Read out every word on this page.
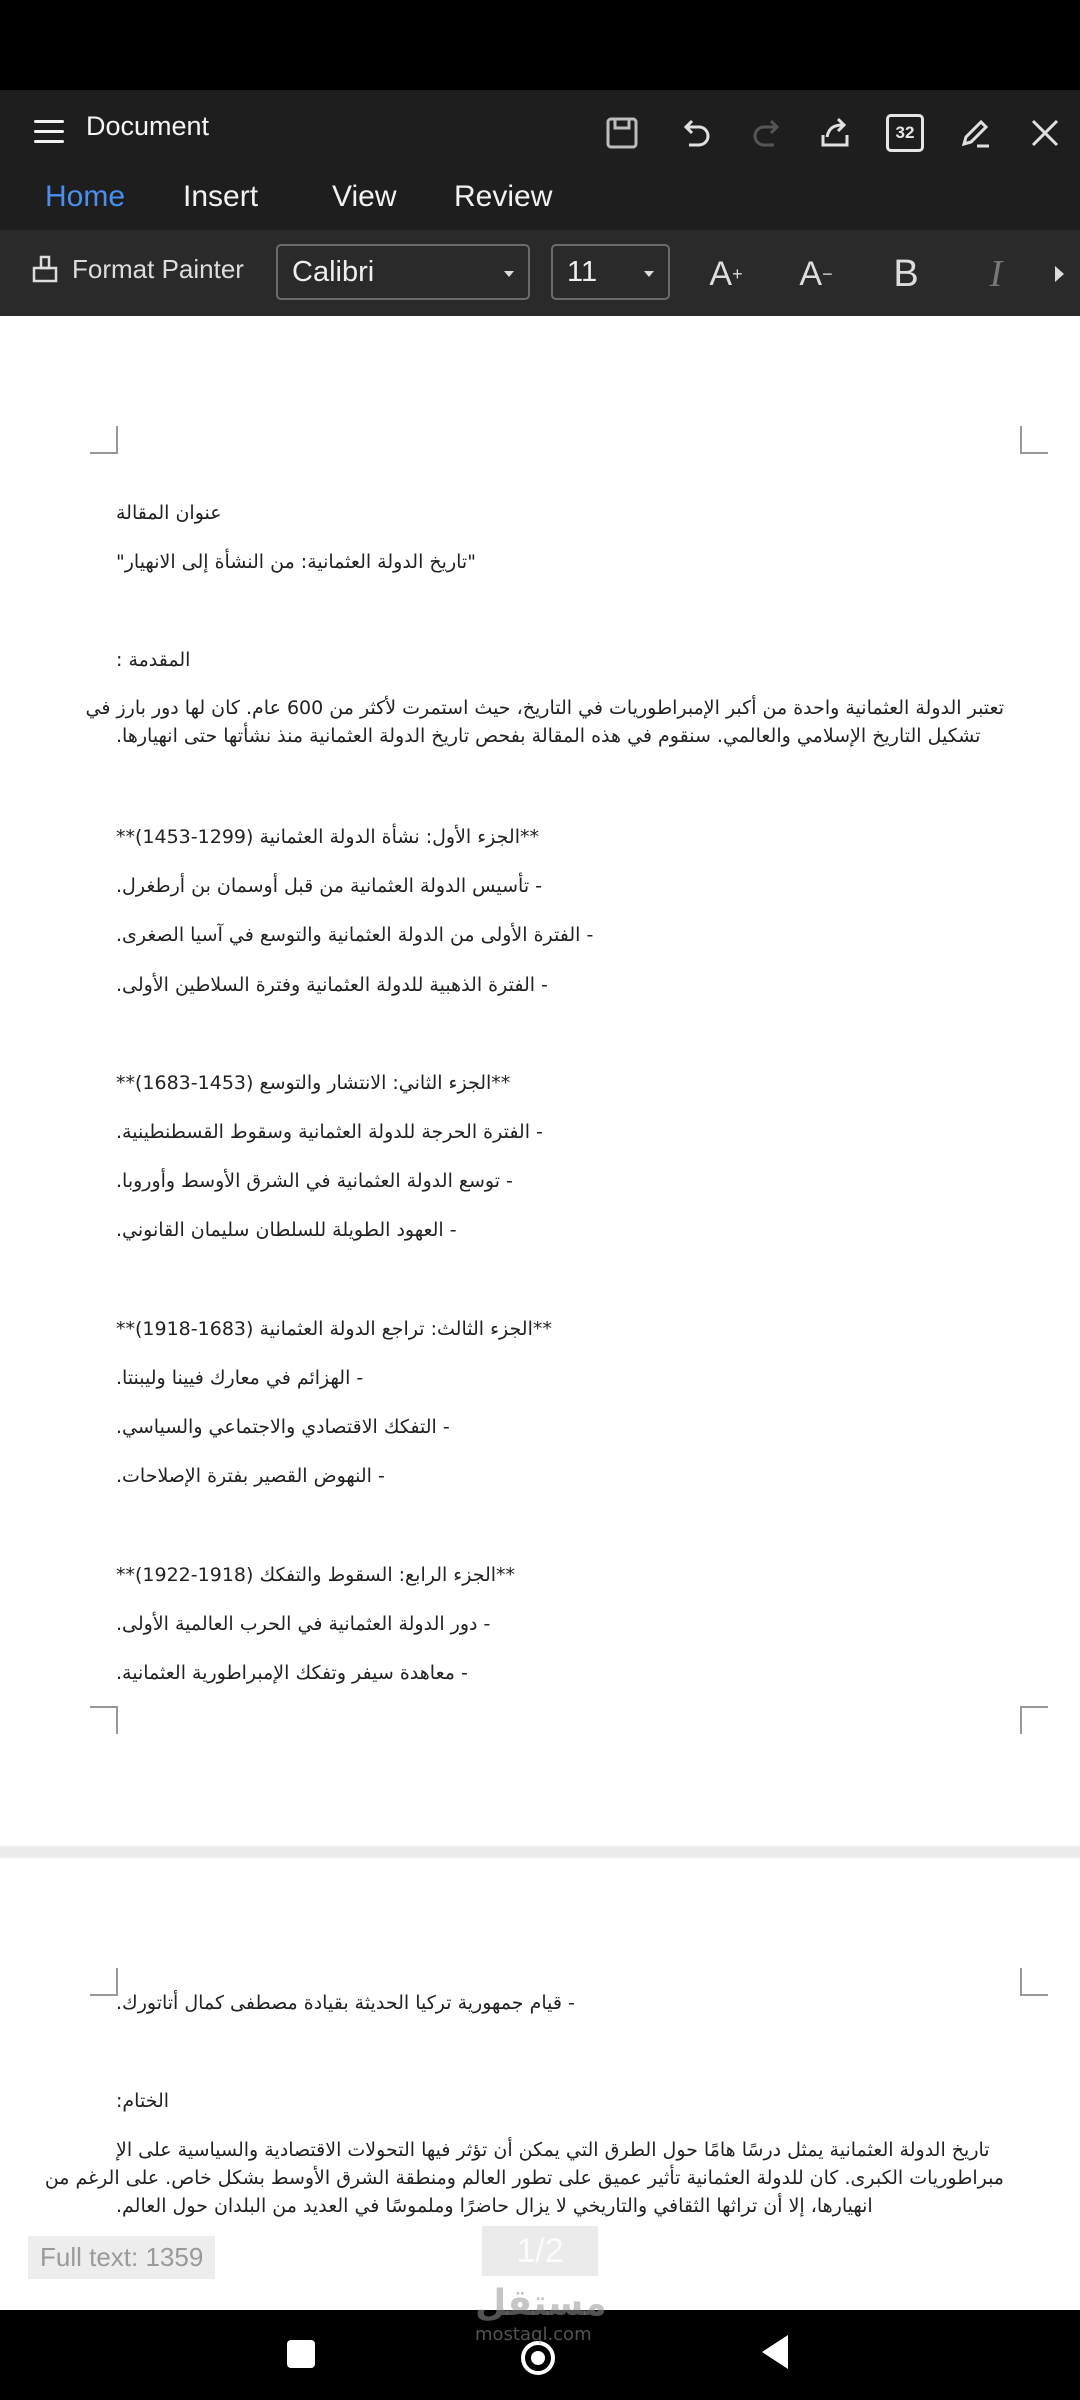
Document	32
Home Insert View Review
Format Painter Calibri	11	A + A −	B	I
عنوان المقالة
"تاريخ الدولة العثمانية: من النشأة إلى الانهيار"
المقدمة :
تعتبر الدولة العثمانية واحدة من أكبر الإمبراطوريات في التاريخ، حيث استمرت لأكثر من 600 عام. كان لها دور بارز في
تشكيل التاريخ الإسلامي والعالمي. سنقوم في هذه المقالة بفحص تاريخ الدولة العثمانية منذ نشأتها حتى انهيارها.
**الجزء الأول: نشأة الدولة العثمانية (1299-1453)**
- تأسيس الدولة العثمانية من قبل أوسمان بن أرطغرل.
- الفترة الأولى من الدولة العثمانية والتوسع في آسيا الصغرى.
- الفترة الذهبية للدولة العثمانية وفترة السلاطين الأولى.
**الجزء الثاني: الانتشار والتوسع (1453-1683)**
- الفترة الحرجة للدولة العثمانية وسقوط القسطنطينية.
- توسع الدولة العثمانية في الشرق الأوسط وأوروبا.
- العهود الطويلة للسلطان سليمان القانوني.
**الجزء الثالث: تراجع الدولة العثمانية (1683-1918)**
- الهزائم في معارك فيينا وليبنتا.
- التفكك الاقتصادي والاجتماعي والسياسي.
- النهوض القصير بفترة الإصلاحات.
**الجزء الرابع: السقوط والتفكك (1918-1922)**
- دور الدولة العثمانية في الحرب العالمية الأولى.
- معاهدة سيفر وتفكك الإمبراطورية العثمانية.
- قيام جمهورية تركيا الحديثة بقيادة مصطفى كمال أتاتورك.
الختام:
تاريخ الدولة العثمانية يمثل درسًا هامًا حول الطرق التي يمكن أن تؤثر فيها التحولات الاقتصادية والسياسية على الإ
مبراطوريات الكبرى. كان للدولة العثمانية تأثير عميق على تطور العالم ومنطقة الشرق الأوسط بشكل خاص. على الرغم من
انهيارها، إلا أن تراثها الثقافي والتاريخي لا يزال حاضرًا وملموسًا في العديد من البلدان حول العالم.
Full text: 1359	1/2
مستقل
mostaql.com
